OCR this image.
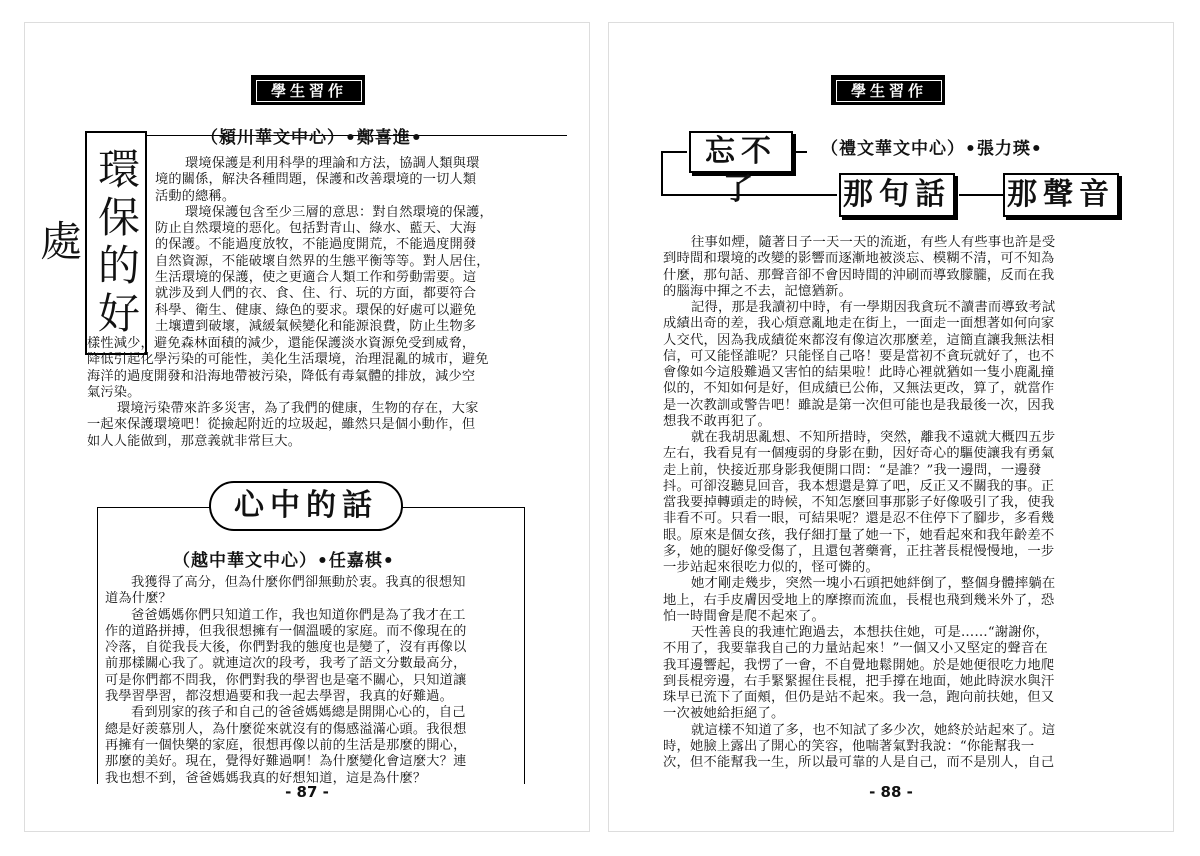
學生習作
環保的好處
（潁川華文中心）•鄭喜進•
環境保護是利用科學的理論和方法，協調人類與環
境的關係，解決各種問題，保護和改善環境的一切人類
活動的總稱。
環境保護包含至少三層的意思：對自然環境的保護，
防止自然環境的惡化。包括對青山、綠水、藍天、大海
的保護。不能過度放牧，不能過度開荒，不能過度開發
自然資源，不能破壞自然界的生態平衡等等。對人居住，
生活環境的保護，使之更適合人類工作和勞動需要。這
就涉及到人們的衣、食、住、行、玩的方面，都要符合
科學、衛生、健康、綠色的要求。環保的好處可以避免
土壤遭到破壞，減緩氣候變化和能源浪費，防止生物多
樣性減少，避免森林面積的減少，還能保護淡水資源免受到威脅，
降低引起化學污染的可能性，美化生活環境，治理混亂的城市，避免
海洋的過度開發和沿海地帶被污染，降低有毒氣體的排放，減少空
氣污染。
環境污染帶來許多災害，為了我們的健康，生物的存在，大家
一起來保護環境吧！從撿起附近的垃圾起，雖然只是個小動作，但
如人人能做到，那意義就非常巨大。
心中的話
（越中華文中心）•任嘉棋•
我獲得了高分，但為什麼你們卻無動於衷。我真的很想知
道為什麼？
爸爸媽媽你們只知道工作，我也知道你們是為了我才在工
作的道路拼搏，但我很想擁有一個溫暖的家庭。而不像現在的
冷落，自從我長大後，你們對我的態度也是變了，沒有再像以
前那樣關心我了。就連這次的段考，我考了語文分數最高分，
可是你們都不問我，你們對我的學習也是毫不關心，只知道讓
我學習學習，都沒想過要和我一起去學習，我真的好難過。
看到別家的孩子和自己的爸爸媽媽總是開開心心的，自己
總是好羨慕別人，為什麼從來就沒有的傷感溢滿心頭。我很想
再擁有一個快樂的家庭，很想再像以前的生活是那麼的開心，
那麼的美好。現在，覺得好難過啊！為什麼變化會這麼大？連
我也想不到，爸爸媽媽我真的好想知道，這是為什麼？
- 87 -
學生習作
忘不了	那句話 那聲音
（禮文華文中心）•張力瑛•
往事如煙，隨著日子一天一天的流逝，有些人有些事也許是受
到時間和環境的改變的影響而逐漸地被淡忘、模糊不清，可不知為
什麼，那句話、那聲音卻不會因時間的沖刷而導致朦朧，反而在我
的腦海中揮之不去，記憶猶新。
記得，那是我讀初中時，有一學期因我貪玩不讀書而導致考試
成績出奇的差，我心煩意亂地走在街上，一面走一面想著如何向家
人交代，因為我成績從來都沒有像這次那麼差，這簡直讓我無法相
信，可又能怪誰呢？只能怪自己咯！要是當初不貪玩就好了，也不
會像如今這般難過又害怕的結果啦！此時心裡就猶如一隻小鹿亂撞
似的，不知如何是好，但成績已公佈，又無法更改，算了，就當作
是一次教訓或警告吧！雖說是第一次但可能也是我最後一次，因我
想我不敢再犯了。
就在我胡思亂想、不知所措時，突然，離我不遠就大概四五步
左右，我看見有一個瘦弱的身影在動，因好奇心的驅使讓我有勇氣
走上前，快接近那身影我便開口問：“是誰？”我一邊問，一邊發
抖。可卻沒聽見回音，我本想還是算了吧，反正又不關我的事。正
當我要掉轉頭走的時候，不知怎麼回事那影子好像吸引了我，使我
非看不可。只看一眼，可結果呢？還是忍不住停下了腳步，多看幾
眼。原來是個女孩，我仔細打量了她一下，她看起來和我年齡差不
多，她的腿好像受傷了，且還包著藥膏，正拄著長棍慢慢地，一步
一步站起來很吃力似的，怪可憐的。
她才剛走幾步，突然一塊小石頭把她絆倒了，整個身體摔躺在
地上，右手皮膚因受地上的摩擦而流血，長棍也飛到幾米外了，恐
怕一時間會是爬不起來了。
天性善良的我連忙跑過去，本想扶住她，可是……“謝謝你，
不用了，我要靠我自己的力量站起來！”一個又小又堅定的聲音在
我耳邊響起，我愣了一會，不自覺地鬆開她。於是她便很吃力地爬
到長棍旁邊，右手緊緊握住長棍，把手撐在地面，她此時淚水與汗
珠早已流下了面頰，但仍是站不起來。我一急，跑向前扶她，但又
一次被她給拒絕了。
就這樣不知道了多，也不知試了多少次，她終於站起來了。這
時，她臉上露出了開心的笑容，他喘著氣對我說：“你能幫我一
次，但不能幫我一生，所以最可靠的人是自己，而不是別人，自己
- 88 -
